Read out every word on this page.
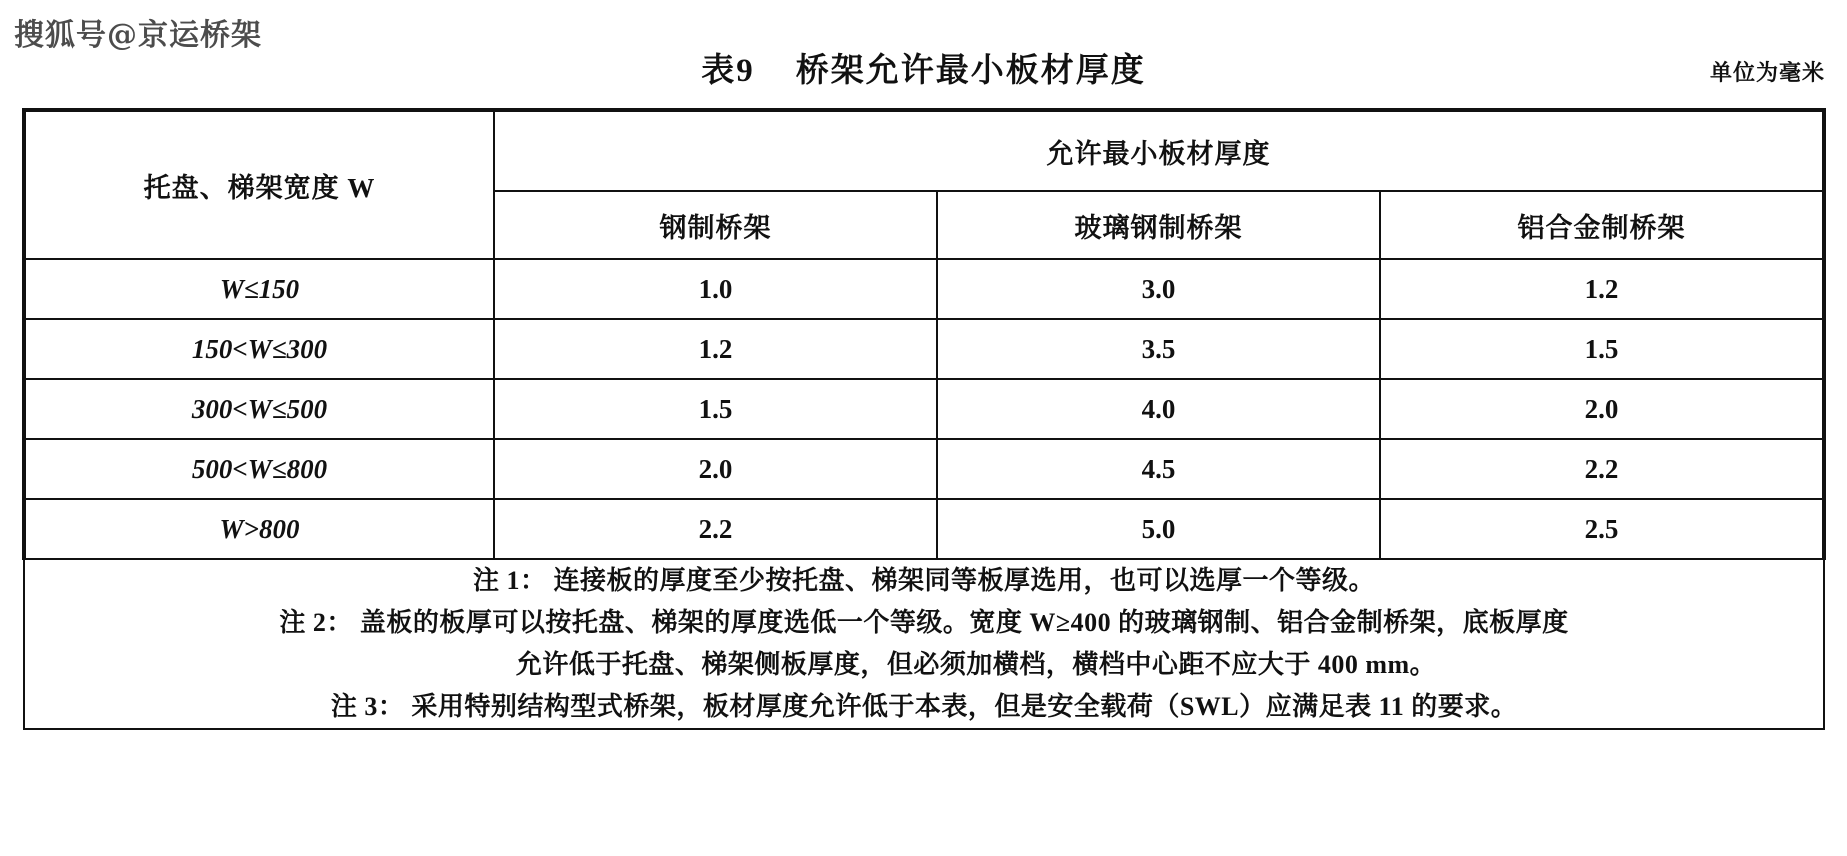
搜狐号@京运桥架
表9    桥架允许最小板材厚度	单位为毫米
托盘、梯架宽度 W	允许最小板材厚度		
	钢制桥架	玻璃钢制桥架	铝合金制桥架
W≤150	1.0	3.0	1.2
150<W≤300	1.2	3.5	1.5
300<W≤500	1.5	4.0	2.0
500<W≤800	2.0	4.5	2.2
W>800	2.2	5.0	2.5

注 1： 连接板的厚度至少按托盘、梯架同等板厚选用，也可以选厚一个等级。
注 2： 盖板的板厚可以按托盘、梯架的厚度选低一个等级。宽度 W≥400 的玻璃钢制、铝合金制桥架，底板厚度
允许低于托盘、梯架侧板厚度，但必须加横档，横档中心距不应大于 400 mm。
注 3： 采用特别结构型式桥架，板材厚度允许低于本表，但是安全载荷（SWL）应满足表 11 的要求。			
